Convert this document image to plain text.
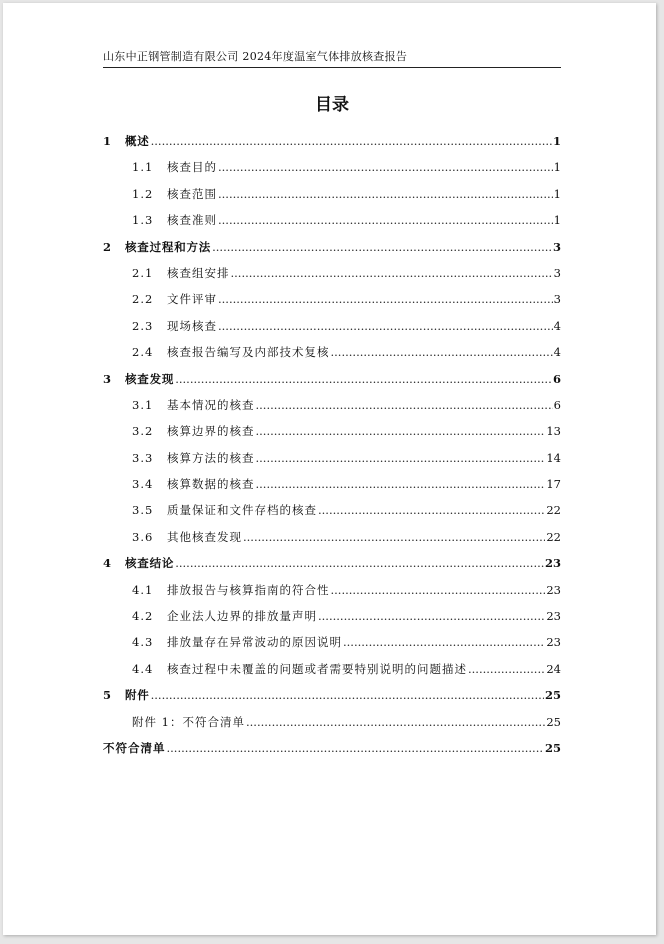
山东中正钢管制造有限公司 2024年度温室气体排放核查报告
目录
1	概述 .....	1
1.1	核查目的 .....	1
1.2	核查范围 .....	1
1.3	核查准则 .....	1
2	核查过程和方法 .....	3
2.1	核查组安排 .....	3
2.2	文件评审 .....	3
2.3	现场核查 .....	4
2.4	核查报告编写及内部技术复核 .....	4
3	核查发现 .....	6
3.1	基本情况的核查 .....	6
3.2	核算边界的核查 .....	13
3.3	核算方法的核查 .....	14
3.4	核算数据的核查 .....	17
3.5	质量保证和文件存档的核查 .....	22
3.6	其他核查发现 .....	22
4	核查结论 .....	23
4.1	排放报告与核算指南的符合性 .....	23
4.2	企业法人边界的排放量声明 .....	23
4.3	排放量存在异常波动的原因说明 .....	23
4.4	核查过程中未覆盖的问题或者需要特别说明的问题描述 .....	24
5	附件 .....	25
附件 1：不符合清单 .....	25
不符合清单 .....	25
